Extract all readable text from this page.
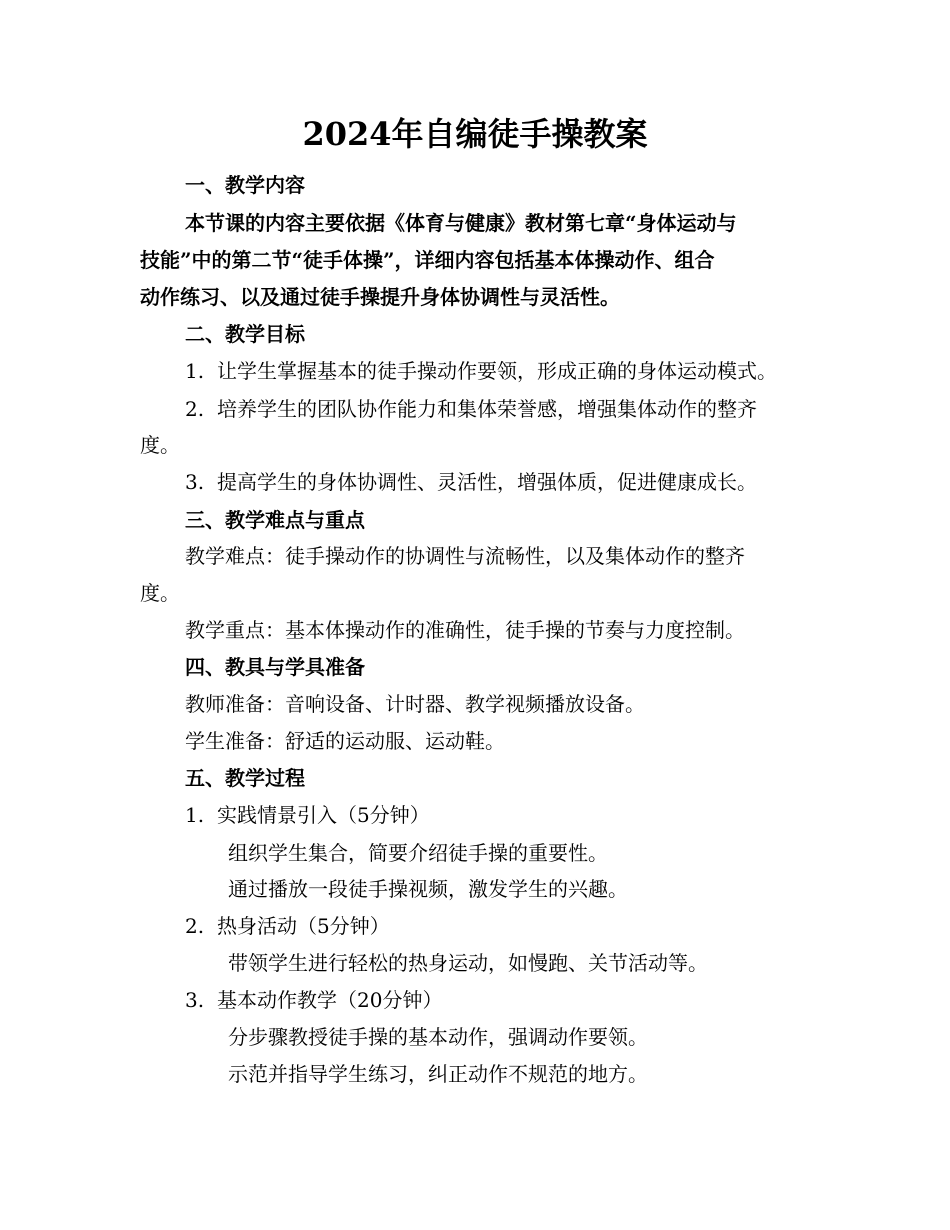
2024年自编徒手操教案
一、教学内容
本节课的内容主要依据《体育与健康》教材第七章“身体运动与
技能”中的第二节“徒手体操”，详细内容包括基本体操动作、组合
动作练习、以及通过徒手操提升身体协调性与灵活性。
二、教学目标
1. 让学生掌握基本的徒手操动作要领，形成正确的身体运动模式。
2. 培养学生的团队协作能力和集体荣誉感，增强集体动作的整齐
度。
3. 提高学生的身体协调性、灵活性，增强体质，促进健康成长。
三、教学难点与重点
教学难点：徒手操动作的协调性与流畅性，以及集体动作的整齐
度。
教学重点：基本体操动作的准确性，徒手操的节奏与力度控制。
四、教具与学具准备
教师准备：音响设备、计时器、教学视频播放设备。
学生准备：舒适的运动服、运动鞋。
五、教学过程
1. 实践情景引入（5分钟）
组织学生集合，简要介绍徒手操的重要性。
通过播放一段徒手操视频，激发学生的兴趣。
2. 热身活动（5分钟）
带领学生进行轻松的热身运动，如慢跑、关节活动等。
3. 基本动作教学（20分钟）
分步骤教授徒手操的基本动作，强调动作要领。
示范并指导学生练习，纠正动作不规范的地方。
